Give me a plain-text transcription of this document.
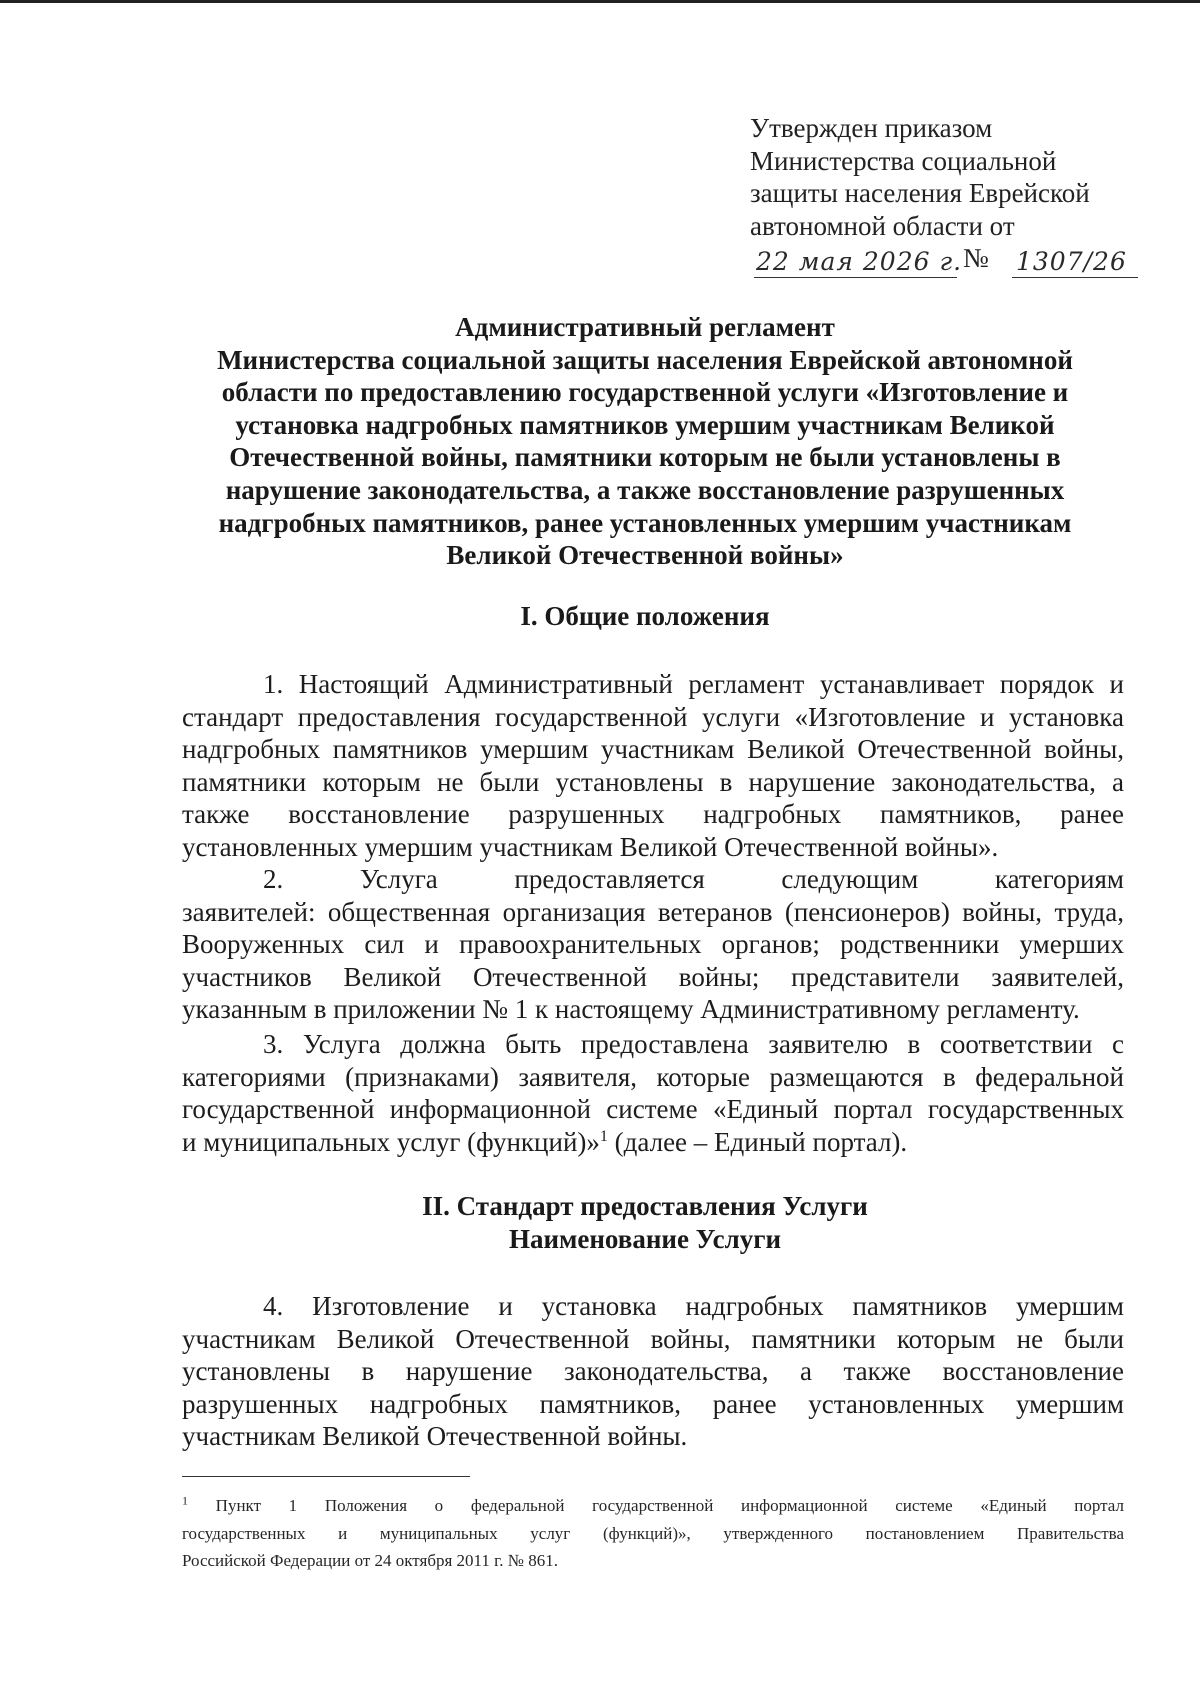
Утвержден приказом
Министерства социальной
защиты населения Еврейской
автономной области от
22 мая 2026 г. № 1307/26
Административный регламент
Министерства социальной защиты населения Еврейской автономной
области по предоставлению государственной услуги «Изготовление и
установка надгробных памятников умершим участникам Великой
Отечественной войны, памятники которым не были установлены в
нарушение законодательства, а также восстановление разрушенных
надгробных памятников, ранее установленных умершим участникам
Великой Отечественной войны»
I. Общие положения
1. Настоящий Административный регламент устанавливает порядок и
стандарт предоставления государственной услуги «Изготовление и установка
надгробных памятников умершим участникам Великой Отечественной войны,
памятники которым не были установлены в нарушение законодательства, а
также восстановление разрушенных надгробных памятников, ранее
установленных умершим участникам Великой Отечественной войны».
2. Услуга предоставляется следующим категориям
заявителей: общественная организация ветеранов (пенсионеров) войны, труда,
Вооруженных сил и правоохранительных органов; родственники умерших
участников Великой Отечественной войны; представители заявителей,
указанным в приложении № 1 к настоящему Административному регламенту.
3. Услуга должна быть предоставлена заявителю в соответствии с
категориями (признаками) заявителя, которые размещаются в федеральной
государственной информационной системе «Единый портал государственных
и муниципальных услуг (функций)»$^1$ (далее – Единый портал).
II. Стандарт предоставления Услуги
Наименование Услуги
4. Изготовление и установка надгробных памятников умершим
участникам Великой Отечественной войны, памятники которым не были
установлены в нарушение законодательства, а также восстановление
разрушенных надгробных памятников, ранее установленных умершим
участникам Великой Отечественной войны.
$^1$ Пункт 1 Положения о федеральной государственной информационной системе «Единый портал
государственных и муниципальных услуг (функций)», утвержденного постановлением Правительства
Российской Федерации от 24 октября 2011 г. № 861.
